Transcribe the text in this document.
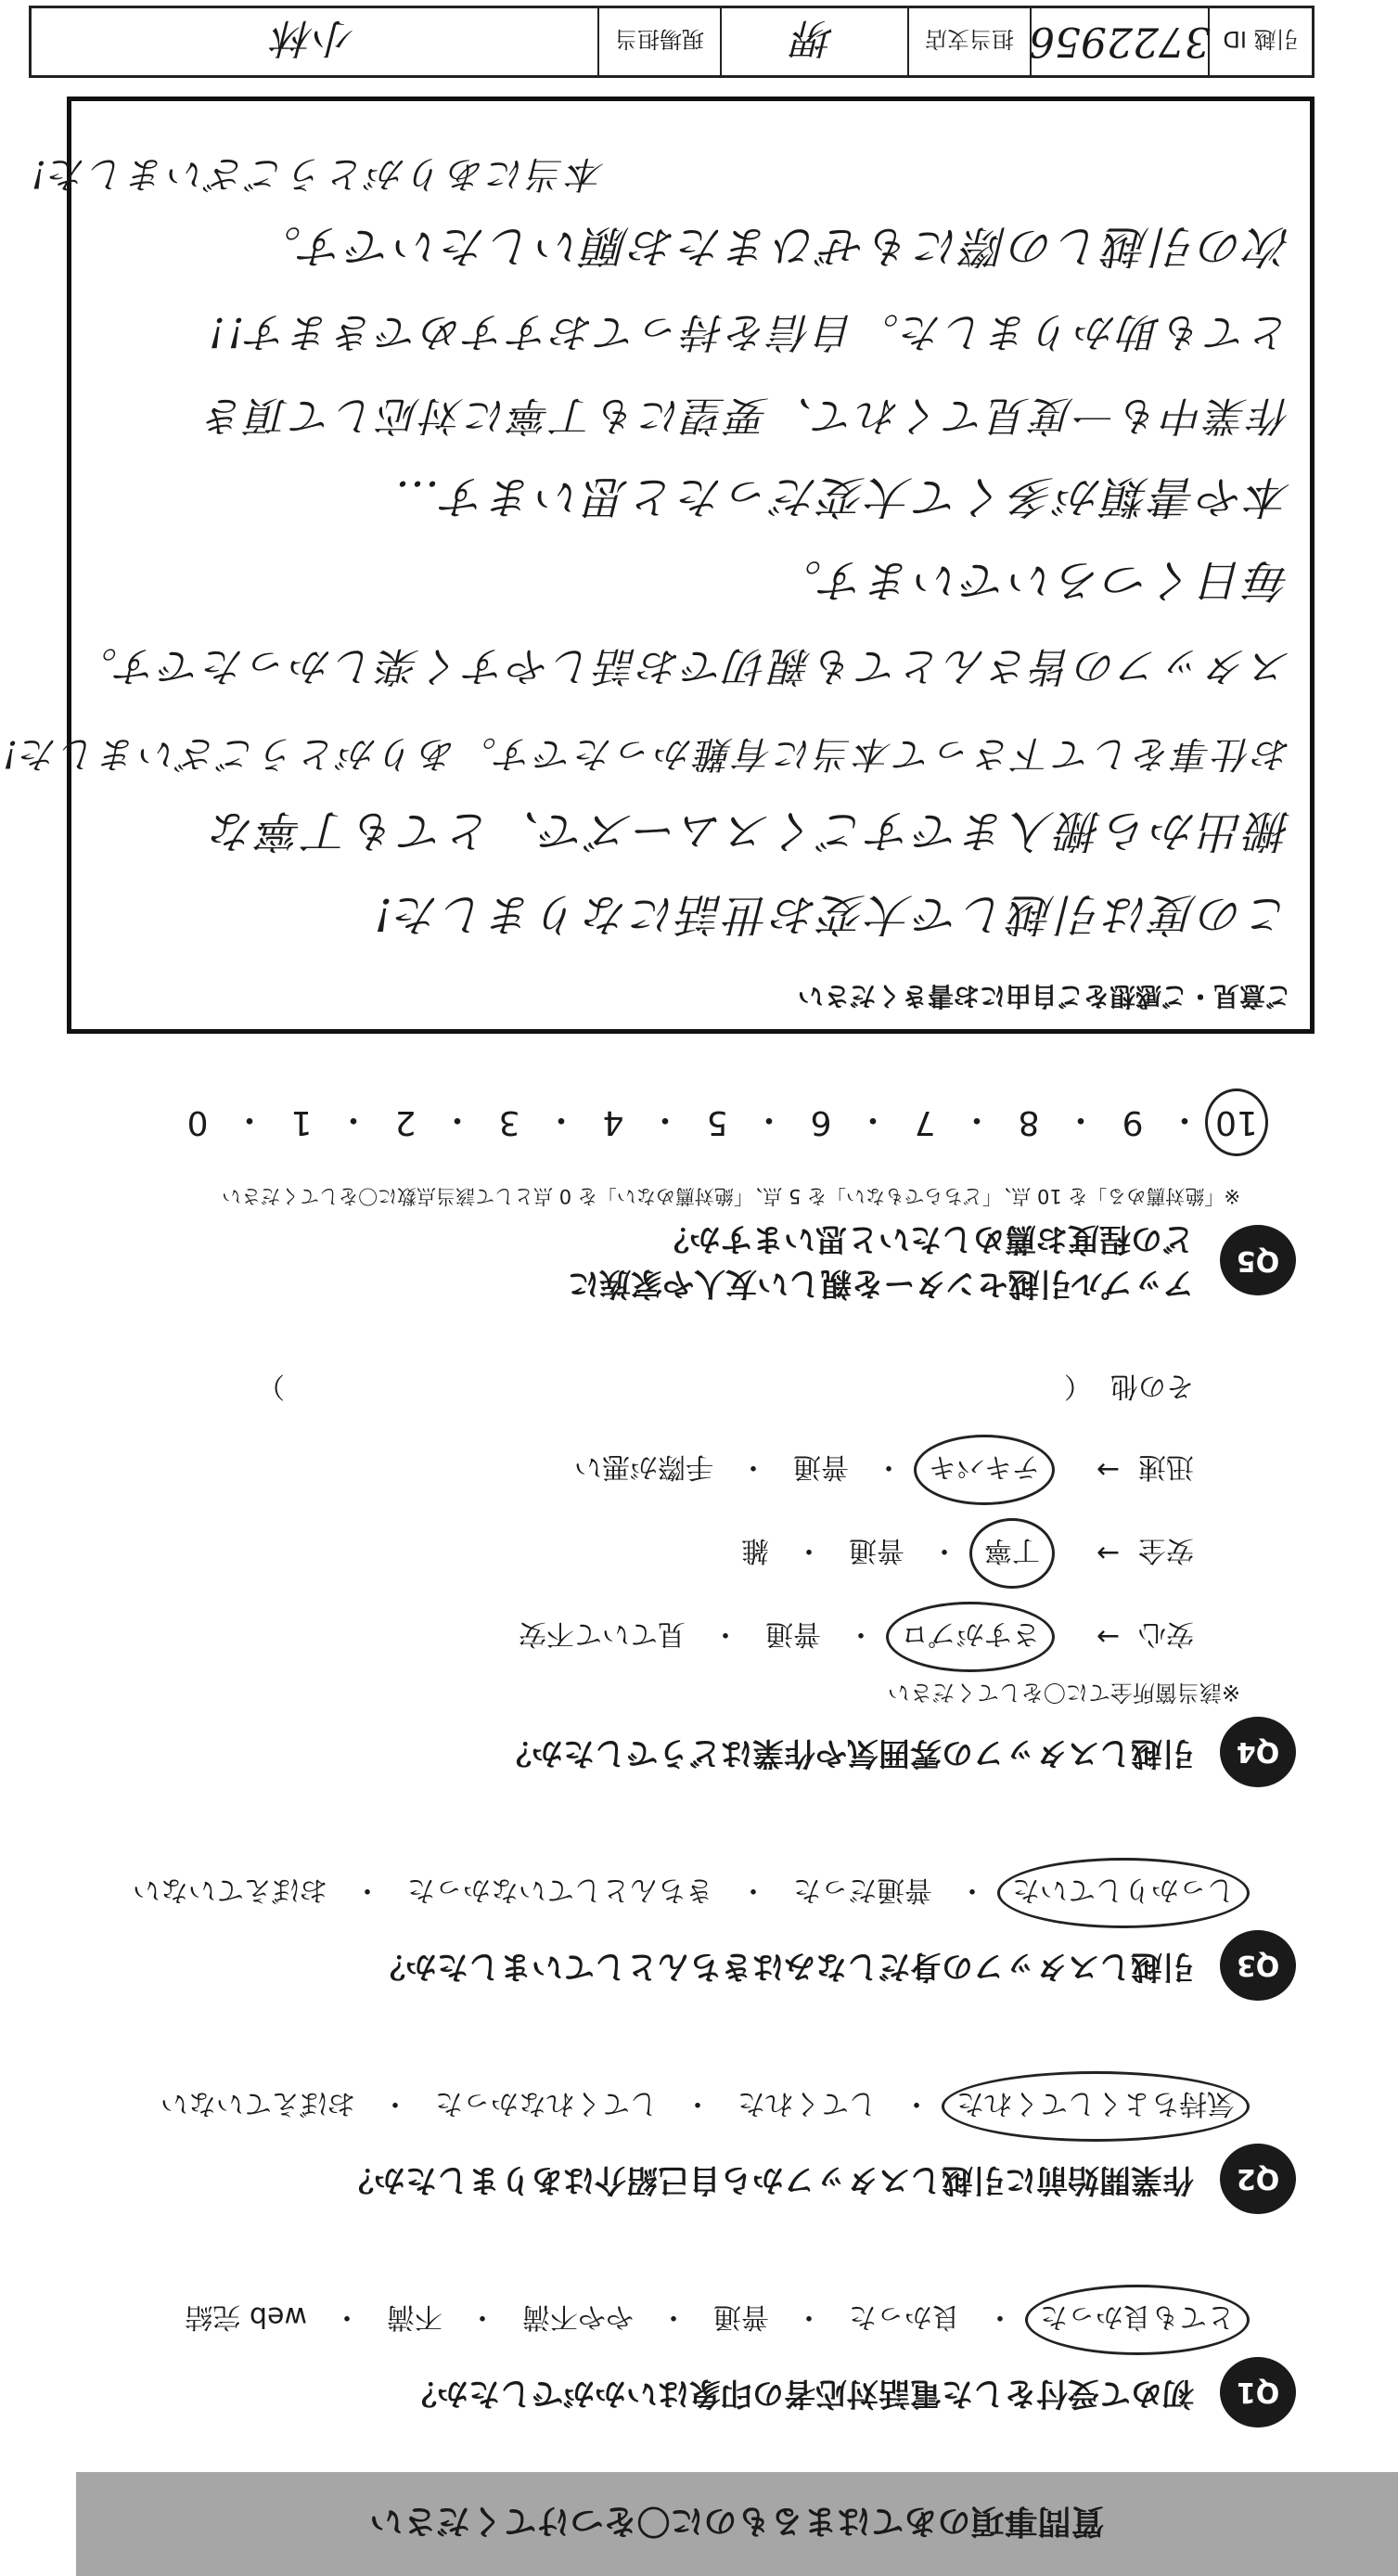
質問事項のあてはまるものに〇をつけてください
Q1
初めて受付をした電話対応者の印象はいかがでしたか？
とても良かった
・
良かった
・
普通
・
やや不満
・
不満
・
web 完結
Q2
作業開始前に引越しスタッフから自己紹介はありましたか？
気持ちよくしてくれた
・
してくれた
・
してくれなかった
・
おぼえていない
Q3
引越しスタッフの身だしなみはきちんとしていましたか？
しっかりしていた
・
普通だった
・
きちんとしていなかった
・
おぼえていない
Q4
引越しスタッフの雰囲気や作業はどうでしたか？
※該当箇所全てに〇をしてください
安心
→
さすがプロ
・
普通
・
見ていて不安
安全
→
丁寧
・
普通
・
雑
迅速
→
テキパキ
・
普通
・
手際が悪い
その他
（
）
Q5
アップル引越センターを親しい友人や家族に
どの程度お薦めしたいと思いますか？
※「絶対薦める」を 10 点、「どちらでもない」を 5 点、「絶対薦めない」を 0 点として該当点数に〇をしてください
10
・
9
・
8
・
7
・
6
・
5
・
4
・
3
・
2
・
1
・
0
ご意見・ご感想をご自由にお書きください
この度は引越しで大変お世話になりました!
搬出から搬入まですごくスムーズで、とても丁寧な
お仕事をして下さって本当に有難かったです。ありがとうございました!
スタッフの皆さんとても親切でお話しやすく楽しかったです。
毎日くつろいでいます。
本や書類が多くて大変だったと思います…
作業中も一度見てくれて、要望にも丁寧に対応して頂き
とても助かりました。自信を持っておすすめできます!!
次の引越しの際にもぜひまたお願いしたいです。
本当にありがとうございました!
引越 ID
3722956
担当支店
堺
現場担当
小林
